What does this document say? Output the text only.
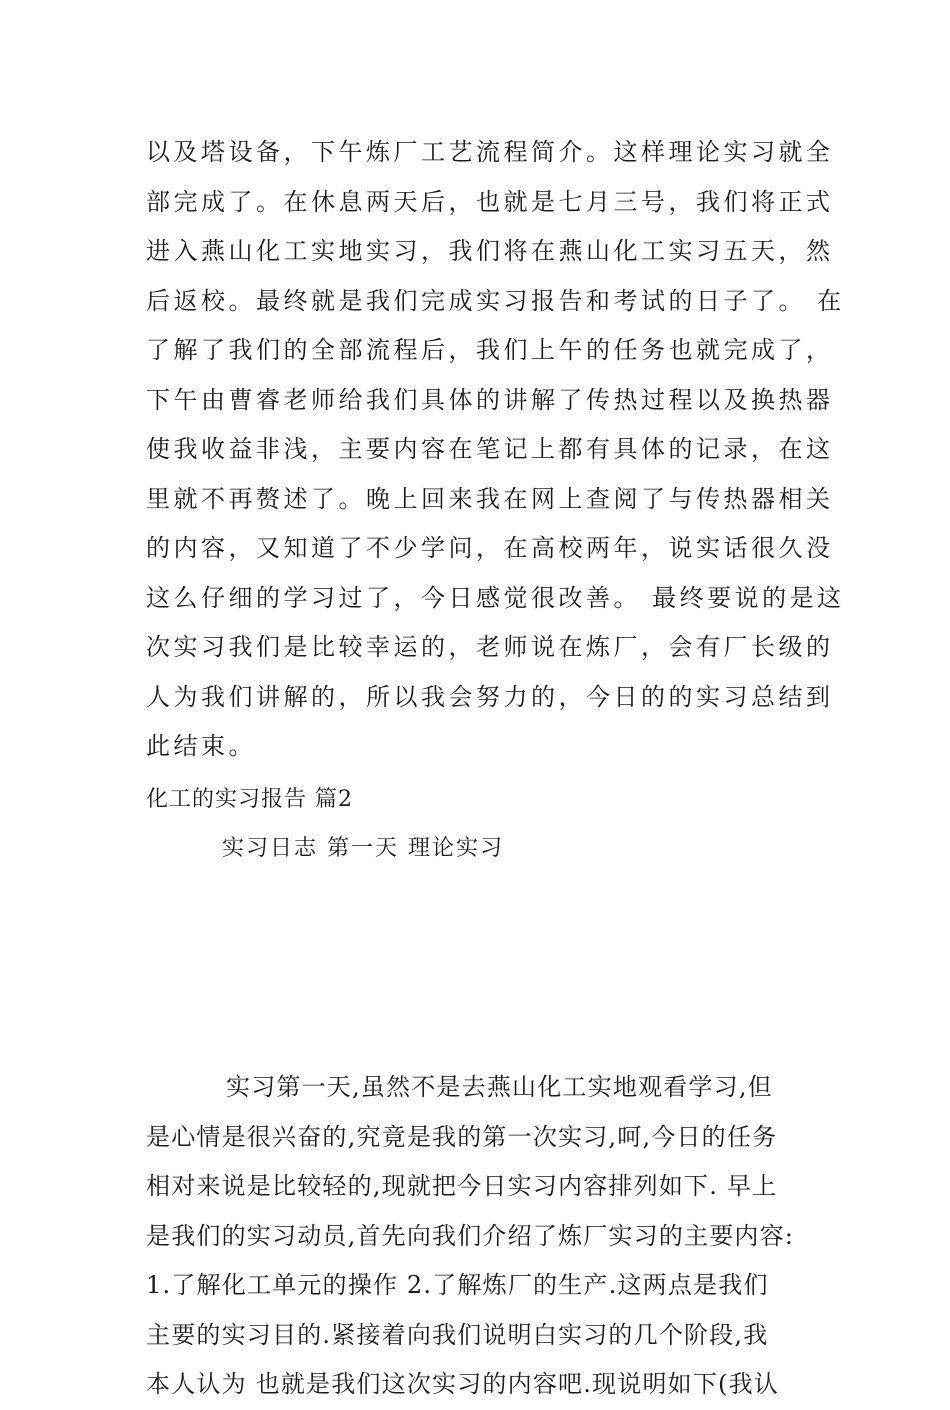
以及塔设备，下午炼厂工艺流程简介。这样理论实习就全
部完成了。在休息两天后，也就是七月三号，我们将正式
进入燕山化工实地实习，我们将在燕山化工实习五天，然
后返校。最终就是我们完成实习报告和考试的日子了。 在
了解了我们的全部流程后，我们上午的任务也就完成了，
下午由曹睿老师给我们具体的讲解了传热过程以及换热器
使我收益非浅，主要内容在笔记上都有具体的记录，在这
里就不再赘述了。晚上回来我在网上查阅了与传热器相关
的内容，又知道了不少学问，在高校两年，说实话很久没
这么仔细的学习过了，今日感觉很改善。 最终要说的是这
次实习我们是比较幸运的，老师说在炼厂，会有厂长级的
人为我们讲解的，所以我会努力的，今日的的实习总结到
此结束。
化工的实习报告 篇2
实习日志 第一天 理论实习
实习第一天,虽然不是去燕山化工实地观看学习,但
是心情是很兴奋的,究竟是我的第一次实习,呵,今日的任务
相对来说是比较轻的,现就把今日实习内容排列如下. 早上
是我们的实习动员,首先向我们介绍了炼厂实习的主要内容:
1.了解化工单元的操作 2.了解炼厂的生产.这两点是我们
主要的实习目的.紧接着向我们说明白实习的几个阶段,我
本人认为 也就是我们这次实习的内容吧.现说明如下(我认
